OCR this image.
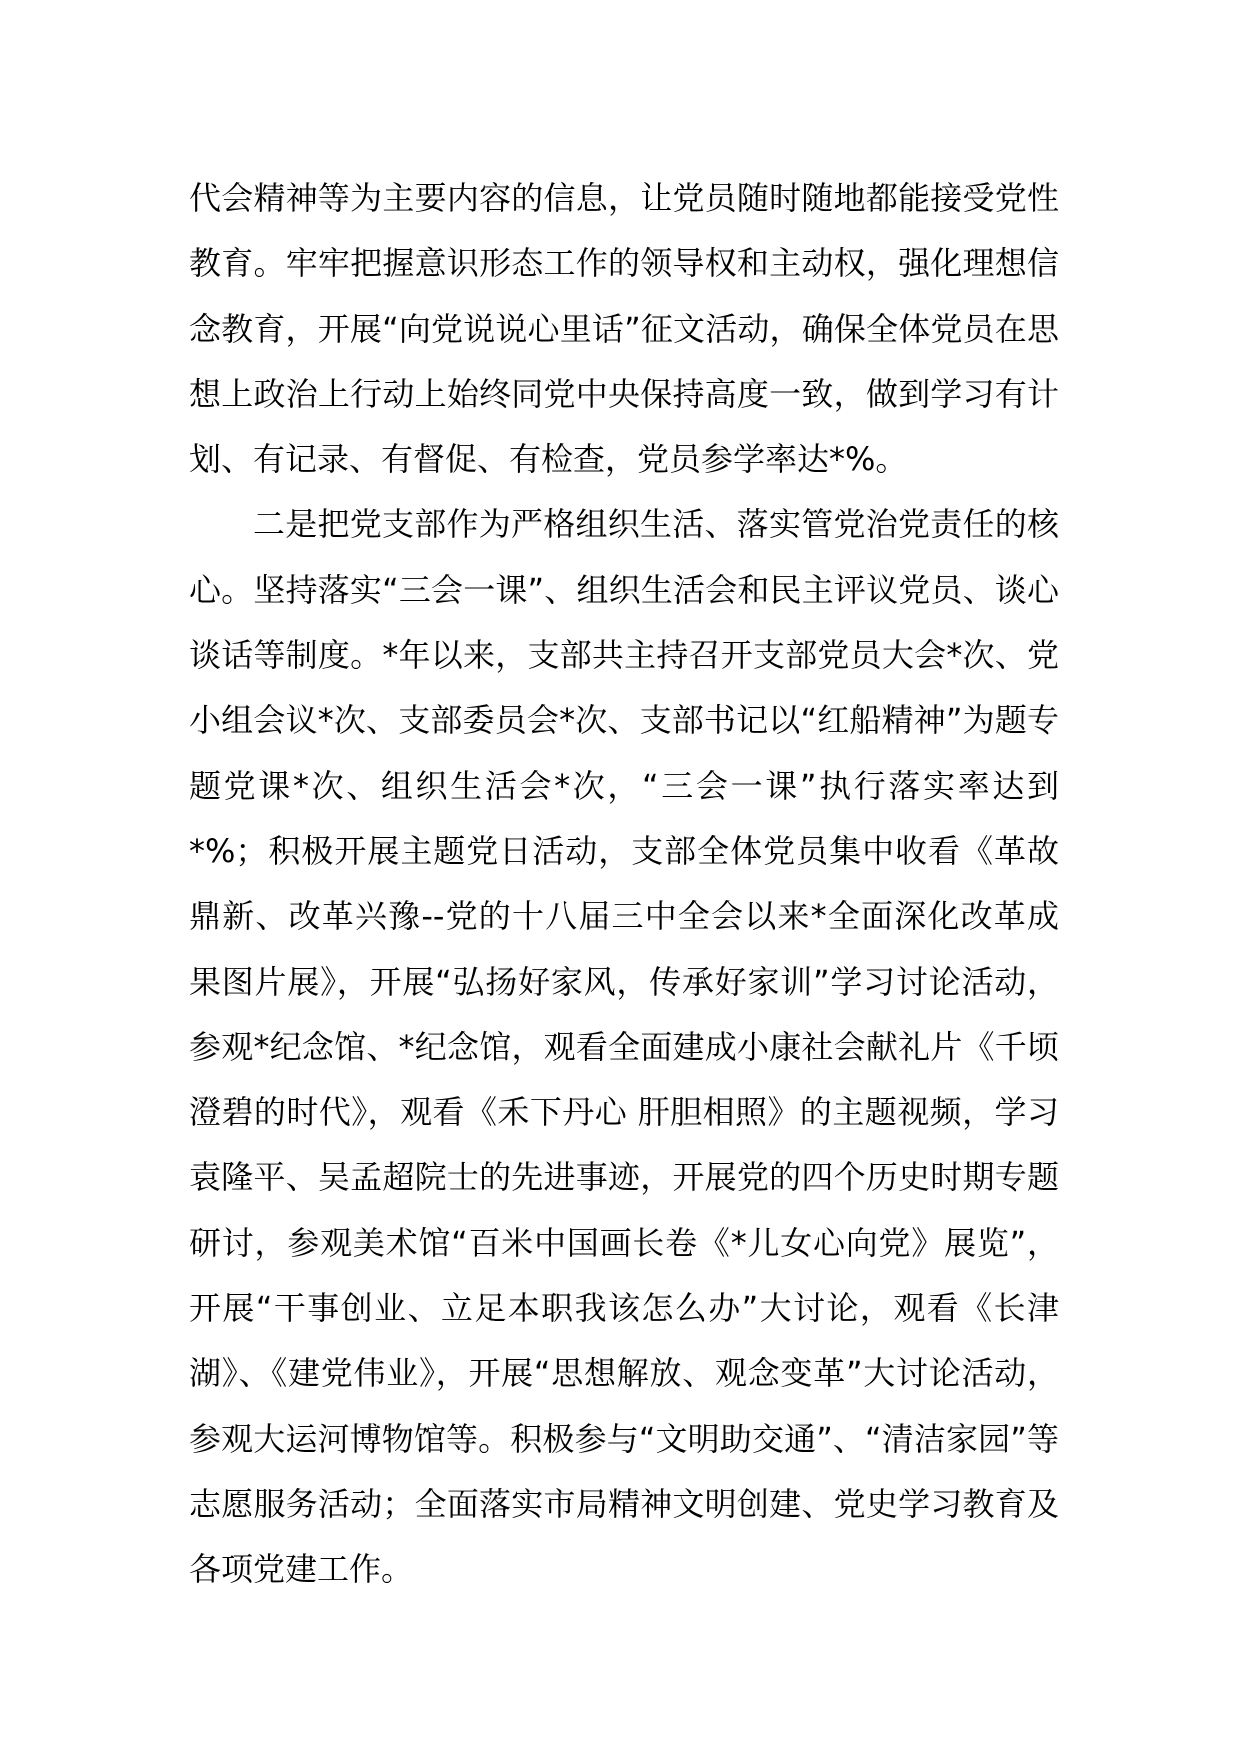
代会精神等为主要内容的信息，让党员随时随地都能接受党性教育。牢牢把握意识形态工作的领导权和主动权，强化理想信念教育，开展“向党说说心里话”征文活动，确保全体党员在思想上政治上行动上始终同党中央保持高度一致，做到学习有计划、有记录、有督促、有检查，党员参学率达*%。

二是把党支部作为严格组织生活、落实管党治党责任的核心。坚持落实“三会一课”、组织生活会和民主评议党员、谈心谈话等制度。*年以来，支部共主持召开支部党员大会*次、党小组会议*次、支部委员会*次、支部书记以“红船精神”为题专题党课*次、组织生活会*次，“三会一课”执行落实率达到*%；积极开展主题党日活动，支部全体党员集中收看《革故鼎新、改革兴豫--党的十八届三中全会以来*全面深化改革成果图片展》，开展“弘扬好家风，传承好家训”学习讨论活动，参观*纪念馆、*纪念馆，观看全面建成小康社会献礼片《千顷澄碧的时代》，观看《禾下丹心 肝胆相照》的主题视频，学习袁隆平、吴孟超院士的先进事迹，开展党的四个历史时期专题研讨，参观美术馆“百米中国画长卷《*儿女心向党》展览”，开展“干事创业、立足本职我该怎么办”大讨论，观看《长津湖》、《建党伟业》，开展“思想解放、观念变革”大讨论活动，参观大运河博物馆等。积极参与“文明助交通”、“清洁家园”等志愿服务活动；全面落实市局精神文明创建、党史学习教育及各项党建工作。
